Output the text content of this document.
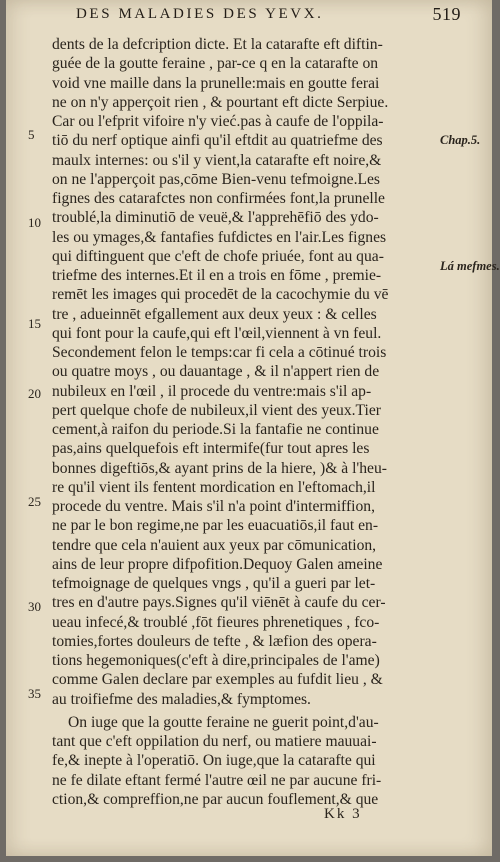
DES MALADIES DES YEVX.	519
dents de la defcription dicte. Et la catarafte eft diftin-
guée de la goutte feraine , par-ce q en la catarafte on
void vne maille dans la prunelle:mais en goutte ferai
ne on n'y apperçoit rien , & pourtant eft dicte Serpiue.
Car ou l'efprit vifoire n'y vieć.pas à caufe de l'oppila-
tiō du nerf optique ainfi qu'il eftdit au quatriefme des
maulx internes: ou s'il y vient,la catarafte eft noire,&
on ne l'apperçoit pas,cōme Bien-venu tefmoigne.Les
fignes des catarafctes non confirmées font,la prunelle
troublé,la diminutiō de veuë,& l'apprehēfiō des ydo-
les ou ymages,& fantafies fufdictes en l'air.Les fignes
qui diftinguent que c'eft de chofe priuée, font au qua-
triefme des internes.Et il en a trois en fōme , premie-
remēt les images qui procedēt de la cacochymie du vē
tre , adueinnēt efgallement aux deux yeux : & celles
qui font pour la caufe,qui eft l'œil,viennent à vn feul.
Secondement felon le temps:car fi cela a cōtinué trois
ou quatre moys , ou dauantage , & il n'appert rien de
nubileux en l'œil , il procede du ventre:mais s'il ap-
pert quelque chofe de nubileux,il vient des yeux.Tier
cement,à raifon du periode.Si la fantafie ne continue
pas,ains quelquefois eft intermife(fur tout apres les
bonnes digeftiōs,& ayant prins de la hiere, )& à l'heu-
re qu'il vient ils fentent mordication en l'eftomach,il
procede du ventre. Mais s'il n'a point d'intermiffion,
ne par le bon regime,ne par les euacuatiōs,il faut en-
tendre que cela n'auient aux yeux par cōmunication,
ains de leur propre difpofition.Dequoy Galen ameine
tefmoignage de quelques vngs , qu'il a gueri par let-
tres en d'autre pays.Signes qu'il viēnēt à caufe du cer-
ueau infecé,& troublé ,fōt fieures phrenetiques , fco-
tomies,fortes douleurs de tefte , & læfion des opera-
tions hegemoniques(c'eft à dire,principales de l'ame)
comme Galen declare par exemples au fufdit lieu , &
au troifiefme des maladies,& fymptomes.
On iuge que la goutte feraine ne guerit point,d'au-
tant que c'eft oppilation du nerf, ou matiere mauuai-
fe,& inepte à l'operatiō. On iuge,que la catarafte qui
ne fe dilate eftant fermé l'autre œil ne par aucune fri-
ction,& compreffion,ne par aucun fouflement,& que
5
10
15
20
25
30
35
Chap.5.
Lá mefmes.
Kk 3
